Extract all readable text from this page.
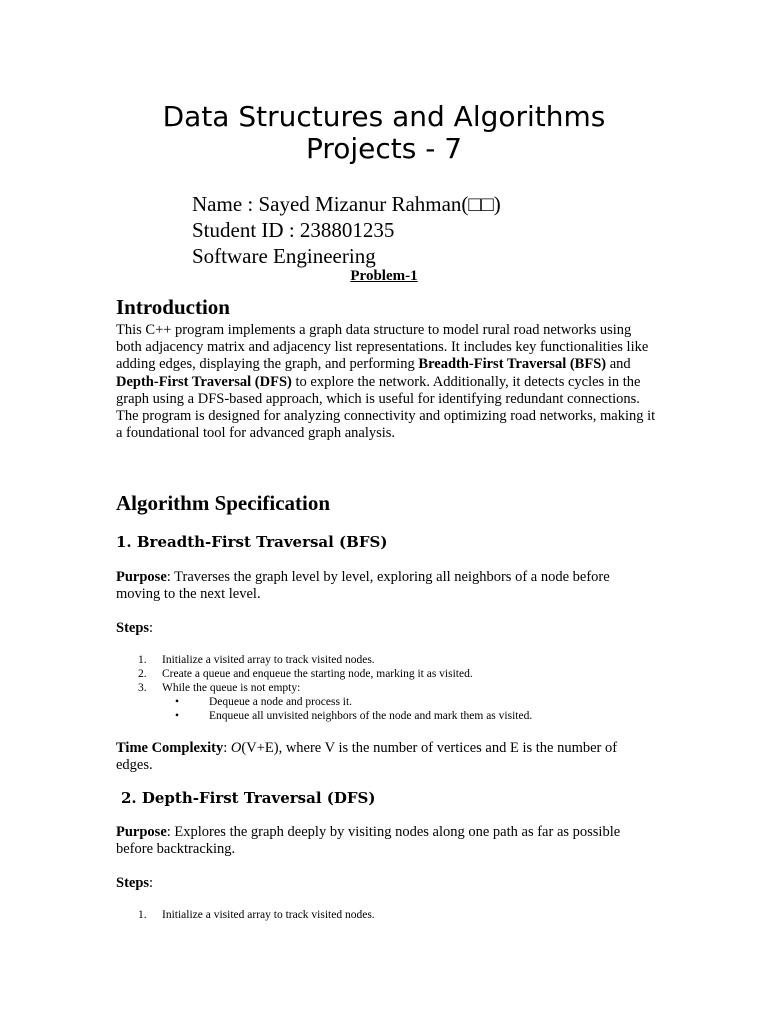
Data Structures and Algorithms
Projects - 7
Name : Sayed Mizanur Rahman(□□)
Student ID : 238801235
Software Engineering
Problem-1
Introduction
This C++ program implements a graph data structure to model rural road networks using both adjacency matrix and adjacency list representations. It includes key functionalities like adding edges, displaying the graph, and performing Breadth-First Traversal (BFS) and Depth-First Traversal (DFS) to explore the network. Additionally, it detects cycles in the graph using a DFS-based approach, which is useful for identifying redundant connections. The program is designed for analyzing connectivity and optimizing road networks, making it a foundational tool for advanced graph analysis.
Algorithm Specification
1. Breadth-First Traversal (BFS)
Purpose: Traverses the graph level by level, exploring all neighbors of a node before moving to the next level.
Steps:
1.	Initialize a visited array to track visited nodes.
2.	Create a queue and enqueue the starting node, marking it as visited.
3.	While the queue is not empty:
•	Dequeue a node and process it.
•	Enqueue all unvisited neighbors of the node and mark them as visited.
Time Complexity: O(V+E), where V is the number of vertices and E is the number of edges.
2. Depth-First Traversal (DFS)
Purpose: Explores the graph deeply by visiting nodes along one path as far as possible before backtracking.
Steps:
1.	Initialize a visited array to track visited nodes.
